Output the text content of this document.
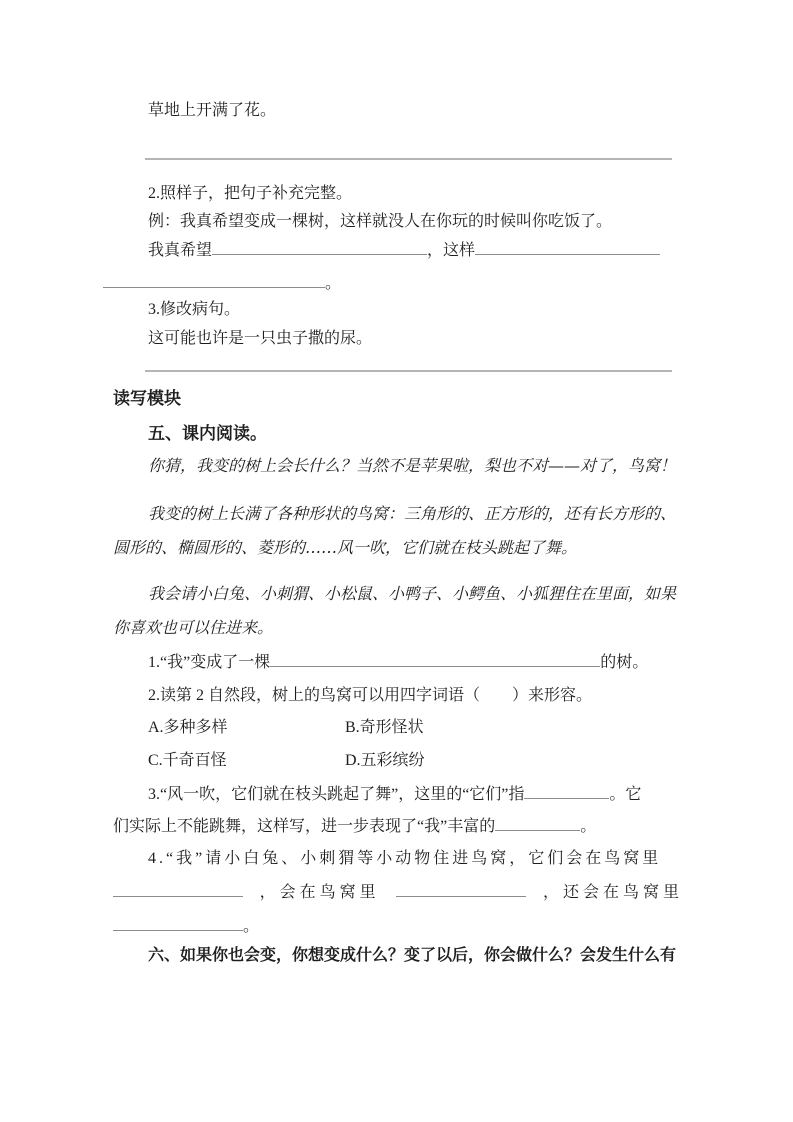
草地上开满了花。
2.照样子，把句子补充完整。
例：我真希望变成一棵树，这样就没人在你玩的时候叫你吃饭了。
我真希望	，这样
。
3.修改病句。
这可能也许是一只虫子撒的尿。
读写模块
五、课内阅读。
你猜，我变的树上会长什么？当然不是苹果啦，梨也不对——对了，鸟窝！
我变的树上长满了各种形状的鸟窝：三角形的、正方形的，还有长方形的、
圆形的、椭圆形的、菱形的……风一吹，它们就在枝头跳起了舞。
我会请小白兔、小刺猬、小松鼠、小鸭子、小鳄鱼、小狐狸住在里面，如果
你喜欢也可以住进来。
1.“我”变成了一棵	的树。
2.读第 2 自然段，树上的鸟窝可以用四字词语（　　）来形容。
A.多种多样	B.奇形怪状
C.千奇百怪	D.五彩缤纷
3.“风一吹，它们就在枝头跳起了舞”，这里的“它们”指	。它
们实际上不能跳舞，这样写，进一步表现了“我”丰富的	。
4.“我”请小白兔、小刺猬等小动物住进鸟窝，它们会在鸟窝里
，会在鸟窝里	，还会在鸟窝里
。
六、如果你也会变，你想变成什么？变了以后，你会做什么？会发生什么有
